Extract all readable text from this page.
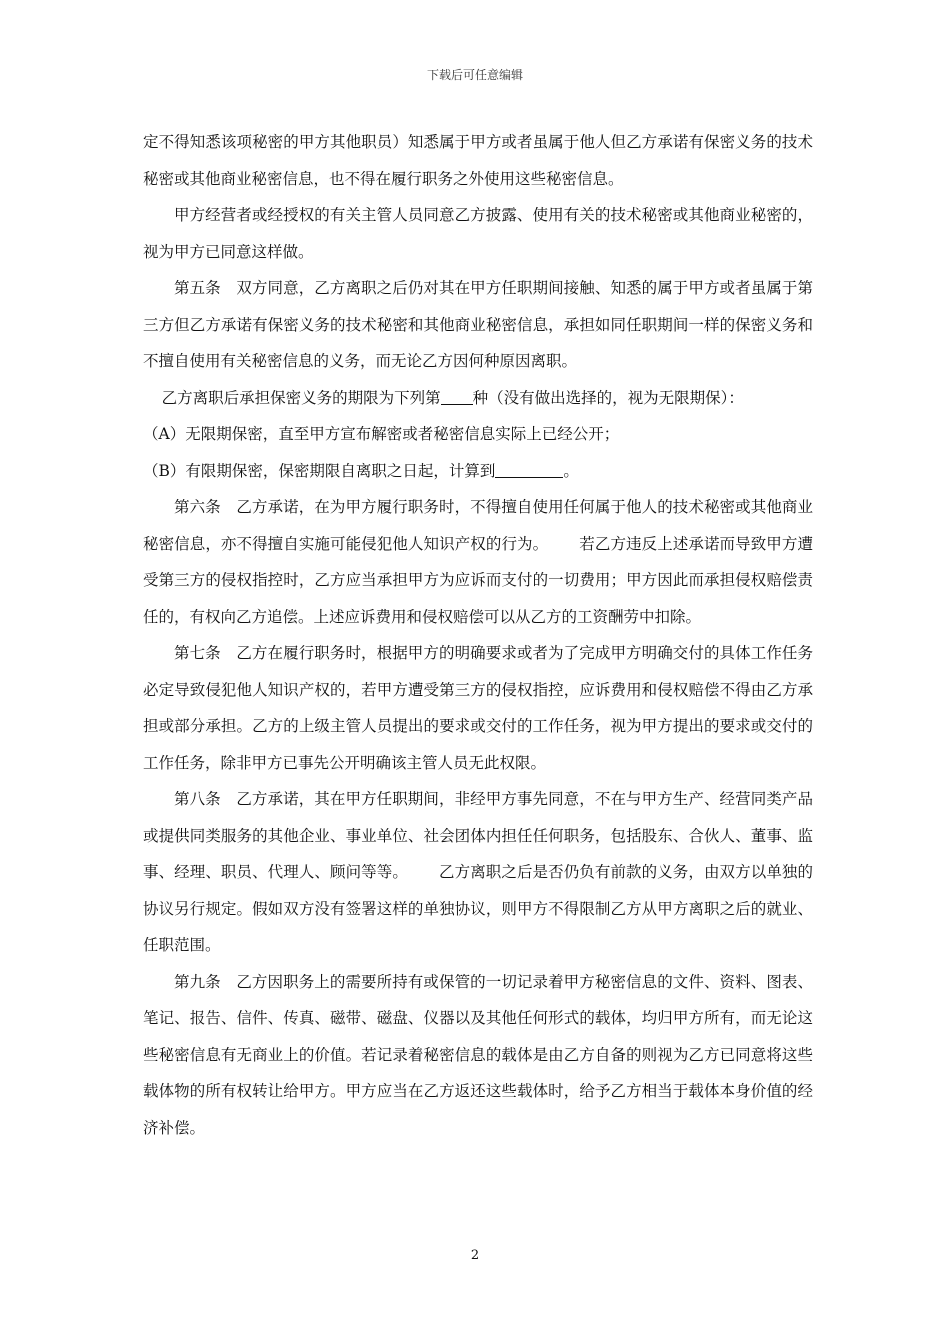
下载后可任意编辑

定不得知悉该项秘密的甲方其他职员）知悉属于甲方或者虽属于他人但乙方承诺有保密义务的技术秘密或其他商业秘密信息，也不得在履行职务之外使用这些秘密信息。

甲方经营者或经授权的有关主管人员同意乙方披露、使用有关的技术秘密或其他商业秘密的，视为甲方已同意这样做。

第五条　双方同意，乙方离职之后仍对其在甲方任职期间接触、知悉的属于甲方或者虽属于第三方但乙方承诺有保密义务的技术秘密和其他商业秘密信息，承担如同任职期间一样的保密义务和不擅自使用有关秘密信息的义务，而无论乙方因何种原因离职。

乙方离职后承担保密义务的期限为下列第 种（没有做出选择的，视为无限期保）：

（A）无限期保密，直至甲方宣布解密或者秘密信息实际上已经公开；

（B）有限期保密，保密期限自离职之日起，计算到	。

第六条　乙方承诺，在为甲方履行职务时，不得擅自使用任何属于他人的技术秘密或其他商业秘密信息，亦不得擅自实施可能侵犯他人知识产权的行为。 若乙方违反上述承诺而导致甲方遭受第三方的侵权指控时，乙方应当承担甲方为应诉而支付的一切费用；甲方因此而承担侵权赔偿责任的，有权向乙方追偿。上述应诉费用和侵权赔偿可以从乙方的工资酬劳中扣除。

第七条　乙方在履行职务时，根据甲方的明确要求或者为了完成甲方明确交付的具体工作任务必定导致侵犯他人知识产权的，若甲方遭受第三方的侵权指控，应诉费用和侵权赔偿不得由乙方承担或部分承担。乙方的上级主管人员提出的要求或交付的工作任务，视为甲方提出的要求或交付的工作任务，除非甲方已事先公开明确该主管人员无此权限。

第八条　乙方承诺，其在甲方任职期间，非经甲方事先同意，不在与甲方生产、经营同类产品或提供同类服务的其他企业、事业单位、社会团体内担任任何职务，包括股东、合伙人、董事、监事、经理、职员、代理人、顾问等等。 乙方离职之后是否仍负有前款的义务，由双方以单独的协议另行规定。假如双方没有签署这样的单独协议，则甲方不得限制乙方从甲方离职之后的就业、任职范围。

第九条　乙方因职务上的需要所持有或保管的一切记录着甲方秘密信息的文件、资料、图表、笔记、报告、信件、传真、磁带、磁盘、仪器以及其他任何形式的载体，均归甲方所有，而无论这些秘密信息有无商业上的价值。若记录着秘密信息的载体是由乙方自备的则视为乙方已同意将这些载体物的所有权转让给甲方。甲方应当在乙方返还这些载体时，给予乙方相当于载体本身价值的经济补偿。

2
